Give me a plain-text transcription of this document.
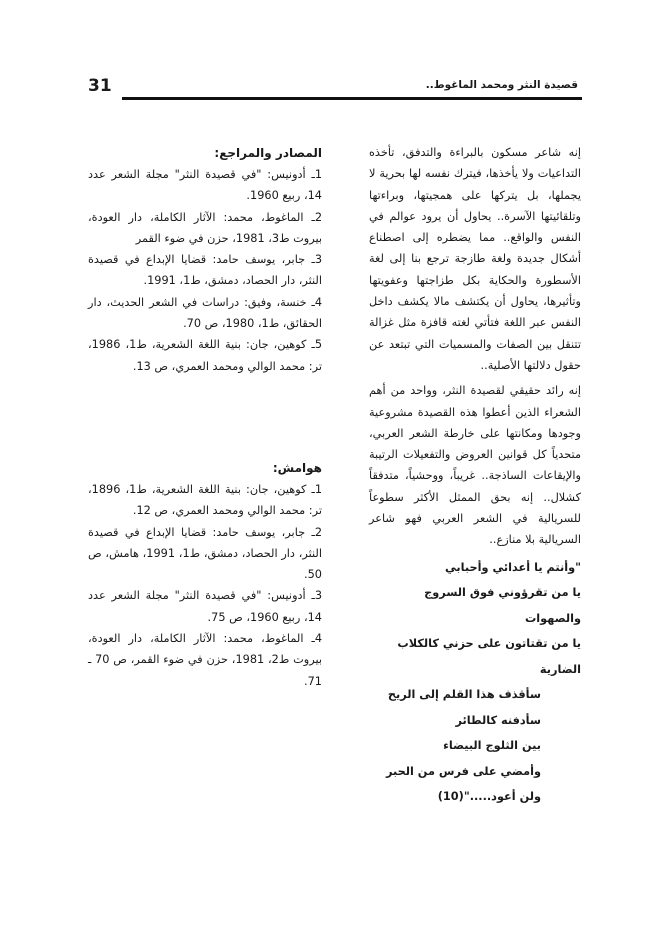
31	قصيدة النثر ومحمد الماغوط..

إنه شاعر مسكون بالبراءة والتدفق، تأخذه التداعيات ولا يأخذها، فيترك نفسه لها بحرية لا يجملها، بل يتركها على همجيتها، وبراءتها وتلقائيتها الآسرة.. يحاول أن يرود عوالم في النفس والواقع.. مما يضطره إلى اصطناع أشكال جديدة ولغة طازجة ترجع بنا إلى لغة الأسطورة والحكاية بكل طزاجتها وعفويتها وتأثيرها، يحاول أن يكتشف مالا يكشف داخل النفس عبر اللغة فتأتي لغته قافزة مثل غزالة تتنقل بين الصفات والمسميات التي تبتعد عن حقول دلالتها الأصلية..

إنه رائد حقيقي لقصيدة النثر، وواحد من أهم الشعراء الذين أعطوا هذه القصيدة مشروعية وجودها ومكانتها على خارطة الشعر العربي، متحدياً كل قوانين العروض والتفعيلات الرتيبة والإيقاعات الساذجة.. غريباً، ووحشياً، متدفقاً كشلال.. إنه بحق الممثل الأكثر سطوعاً للسريالية في الشعر العربي فهو شاعر السريالية بلا منازع..

"وأنتم يا أعدائي وأحبابي
يا من تقرؤوني فوق السروج والصهوات
يا من تقتاتون على حزني كالكلاب الضارية
سأقذف هذا القلم إلى الريح
سأدفنه كالطائر
بين الثلوج البيضاء
وأمضي على فرس من الحبر
ولن أعود....."(10)
المصادر والمراجع:
1ـ أدونيس: "في قصيدة النثر" مجلة الشعر عدد 14، ربيع 1960.
2ـ الماغوط، محمد: الآثار الكاملة، دار العودة، بيروت ط3، 1981، حزن في ضوء القمر
3ـ جابر، يوسف حامد: قضايا الإبداع في قصيدة النثر، دار الحصاد، دمشق، ط1، 1991.
4ـ خنسة، وفيق: دراسات في الشعر الحديث، دار الحقائق، ط1، 1980، ص 70.
5ـ كوهين، جان: بنية اللغة الشعرية، ط1، 1986، تر: محمد الوالي ومحمد العمري، ص 13.
هوامش:
1ـ كوهين، جان: بنية اللغة الشعرية، ط1، 1896، تر: محمد الوالي ومحمد العمري، ص 12.
2ـ جابر، يوسف حامد: قضايا الإبداع في قصيدة النثر، دار الحصاد، دمشق، ط1، 1991، هامش، ص 50.
3ـ أدونيس: "في قصيدة النثر" مجلة الشعر عدد 14، ربيع 1960، ص 75.
4ـ الماغوط، محمد: الآثار الكاملة، دار العودة، بيروت ط2، 1981، حزن في ضوء القمر، ص 70 ـ 71.
